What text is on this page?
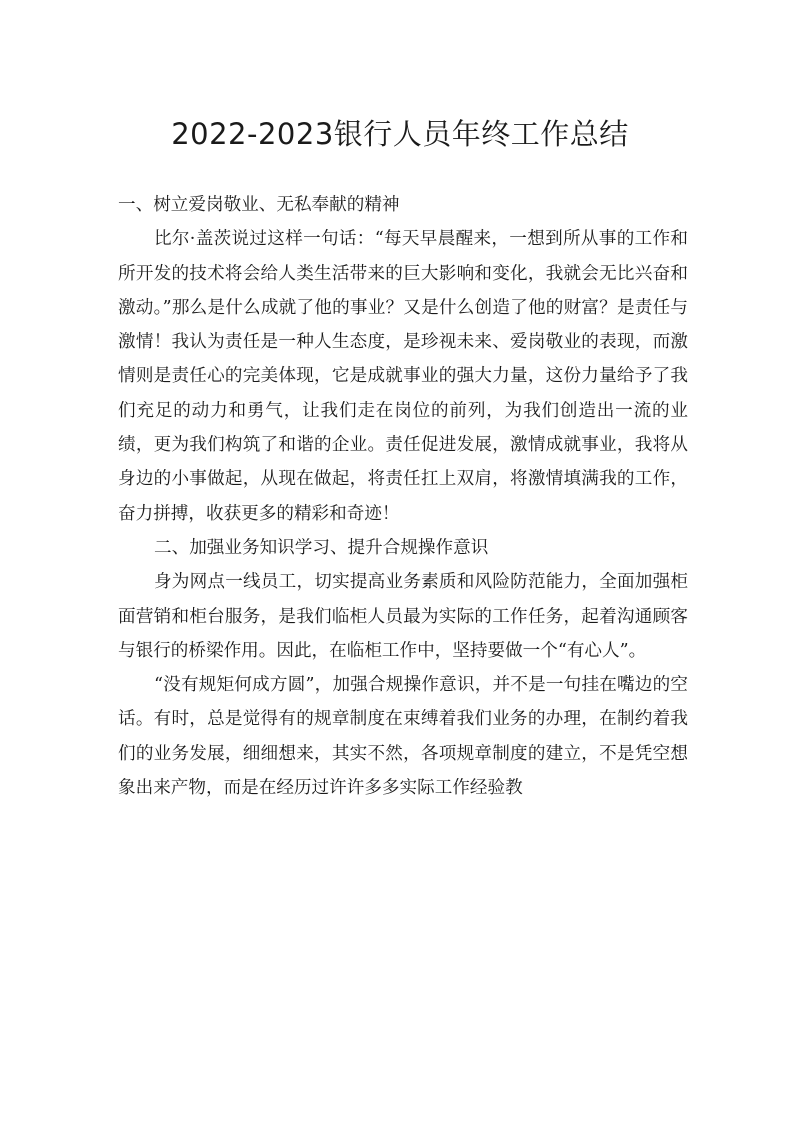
2022-2023银行人员年终工作总结

一、树立爱岗敬业、无私奉献的精神

比尔·盖茨说过这样一句话：“每天早晨醒来，一想到所从事的工作和所开发的技术将会给人类生活带来的巨大影响和变化，我就会无比兴奋和激动。”那么是什么成就了他的事业？又是什么创造了他的财富？是责任与激情！我认为责任是一种人生态度，是珍视未来、爱岗敬业的表现，而激情则是责任心的完美体现，它是成就事业的强大力量，这份力量给予了我们充足的动力和勇气，让我们走在岗位的前列，为我们创造出一流的业绩，更为我们构筑了和谐的企业。责任促进发展，激情成就事业，我将从身边的小事做起，从现在做起，将责任扛上双肩，将激情填满我的工作，奋力拼搏，收获更多的精彩和奇迹！

二、加强业务知识学习、提升合规操作意识

身为网点一线员工，切实提高业务素质和风险防范能力，全面加强柜面营销和柜台服务，是我们临柜人员最为实际的工作任务，起着沟通顾客与银行的桥梁作用。因此，在临柜工作中，坚持要做一个“有心人”。

“没有规矩何成方圆”，加强合规操作意识，并不是一句挂在嘴边的空话。有时，总是觉得有的规章制度在束缚着我们业务的办理，在制约着我们的业务发展，细细想来，其实不然，各项规章制度的建立，不是凭空想象出来产物，而是在经历过许许多多实际工作经验教
